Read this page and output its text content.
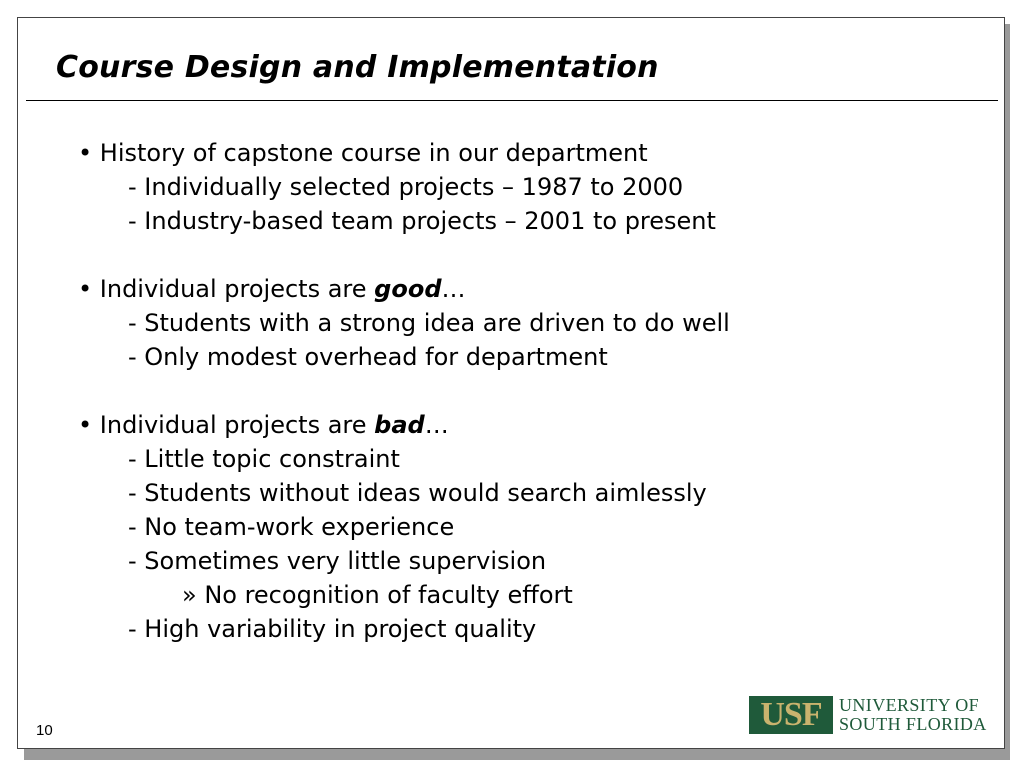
Course Design and Implementation
• History of capstone course in our department
- Individually selected projects – 1987 to 2000
- Industry-based team projects – 2001 to present
• Individual projects are good…
- Students with a strong idea are driven to do well
- Only modest overhead for department
• Individual projects are bad…
- Little topic constraint
- Students without ideas would search aimlessly
- No team-work experience
- Sometimes very little supervision
» No recognition of faculty effort
- High variability in project quality
10	USF UNIVERSITY OF
SOUTH FLORIDA
